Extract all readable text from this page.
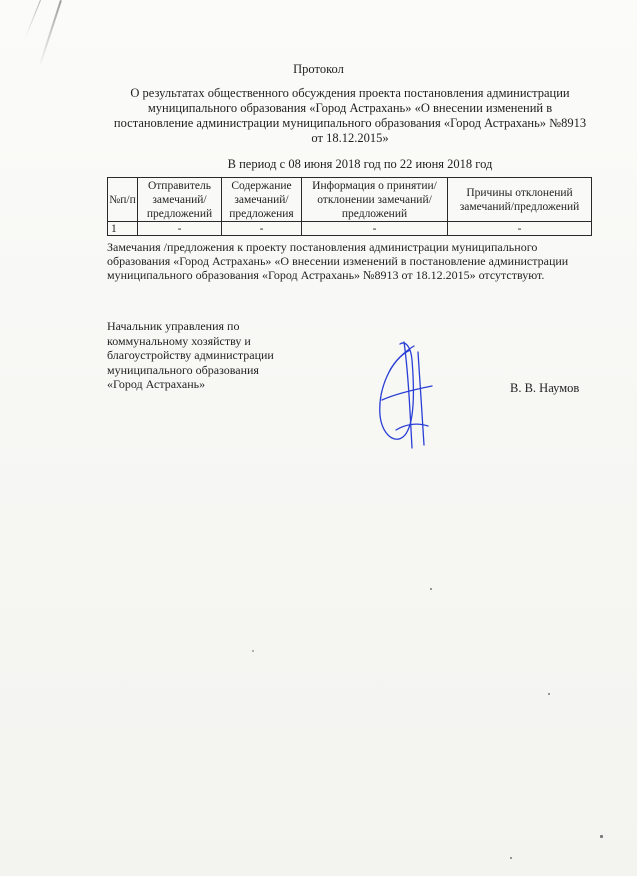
Протокол
О результатах общественного обсуждения проекта постановления администрации
муниципального образования «Город Астрахань» «О внесении изменений в
постановление администрации муниципального образования «Город Астрахань» №8913
от 18.12.2015»
В период с 08 июня 2018 год по 22 июня 2018 год
№п/п	Отправитель замечаний/ предложений	Содержание замечаний/ предложения	Информация о принятии/отклонении замечаний/предложений	Причины отклонений замечаний/предложений
1	-	-	-	-
Замечания /предложения к проекту постановления администрации муниципального
образования «Город Астрахань» «О внесении изменений в постановление администрации
муниципального образования «Город Астрахань» №8913 от 18.12.2015» отсутствуют.
Начальник управления по
коммунальному хозяйству и
благоустройству администрации
муниципального образования
«Город Астрахань»	В. В. Наумов
